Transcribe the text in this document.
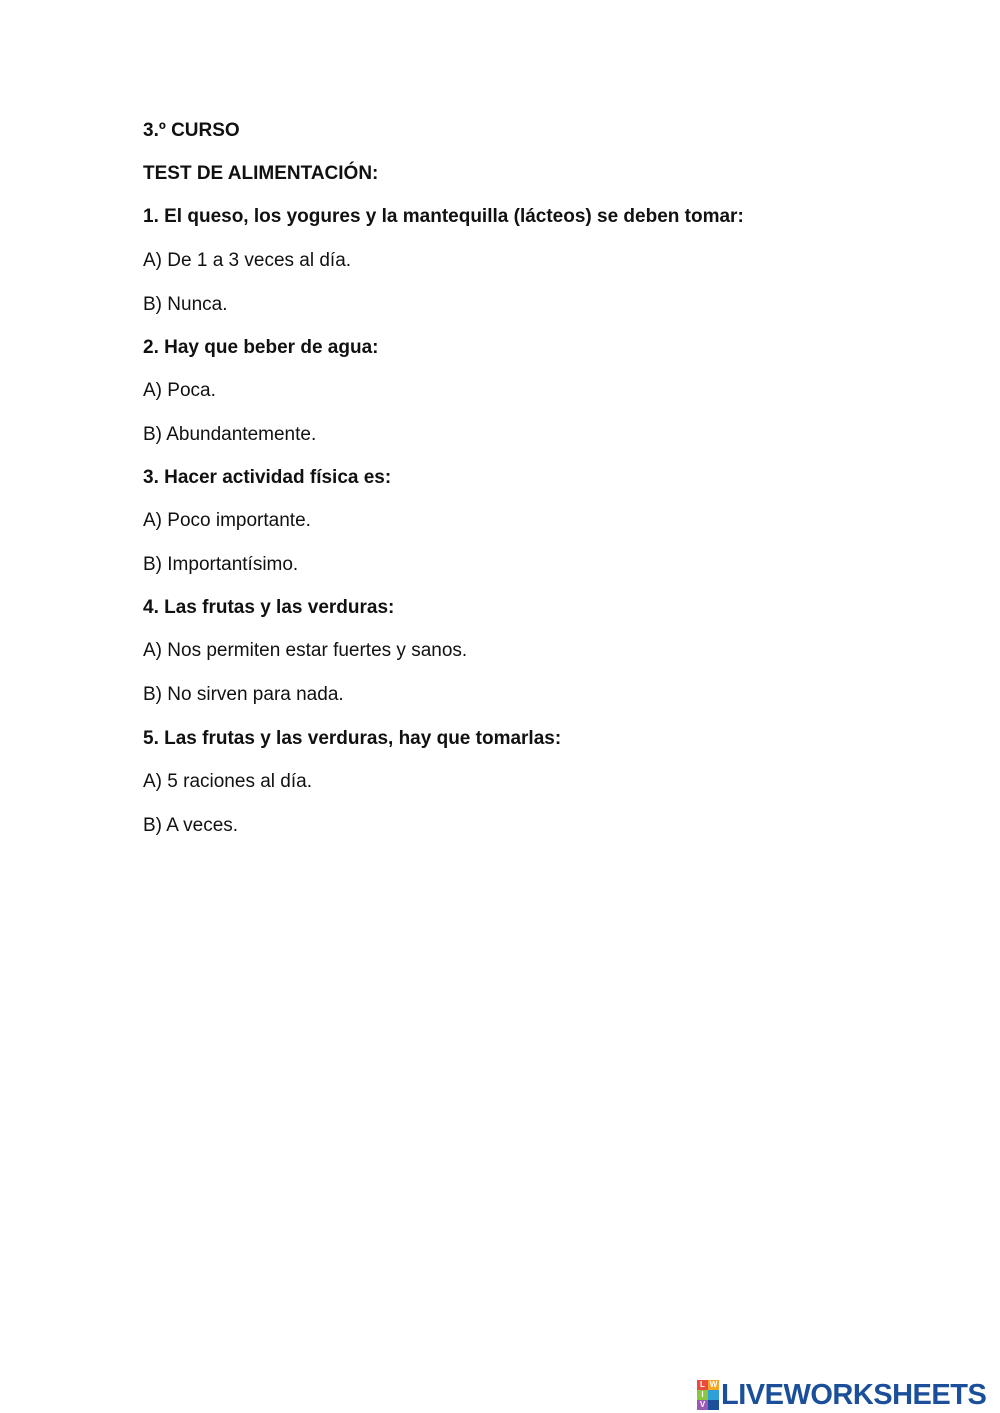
3.º CURSO
TEST DE ALIMENTACIÓN:
1. El queso, los yogures y la mantequilla (lácteos) se deben tomar:
A) De 1 a 3 veces al día.
B) Nunca.
2. Hay que beber de agua:
A) Poca.
B) Abundantemente.
3. Hacer actividad física es:
A) Poco importante.
B) Importantísimo.
4. Las frutas y las verduras:
A) Nos permiten estar fuertes y sanos.
B) No sirven para nada.
5. Las frutas y las verduras, hay que tomarlas:
A) 5 raciones al día.
B) A veces.
L W
I
V LIVEWORKSHEETS
